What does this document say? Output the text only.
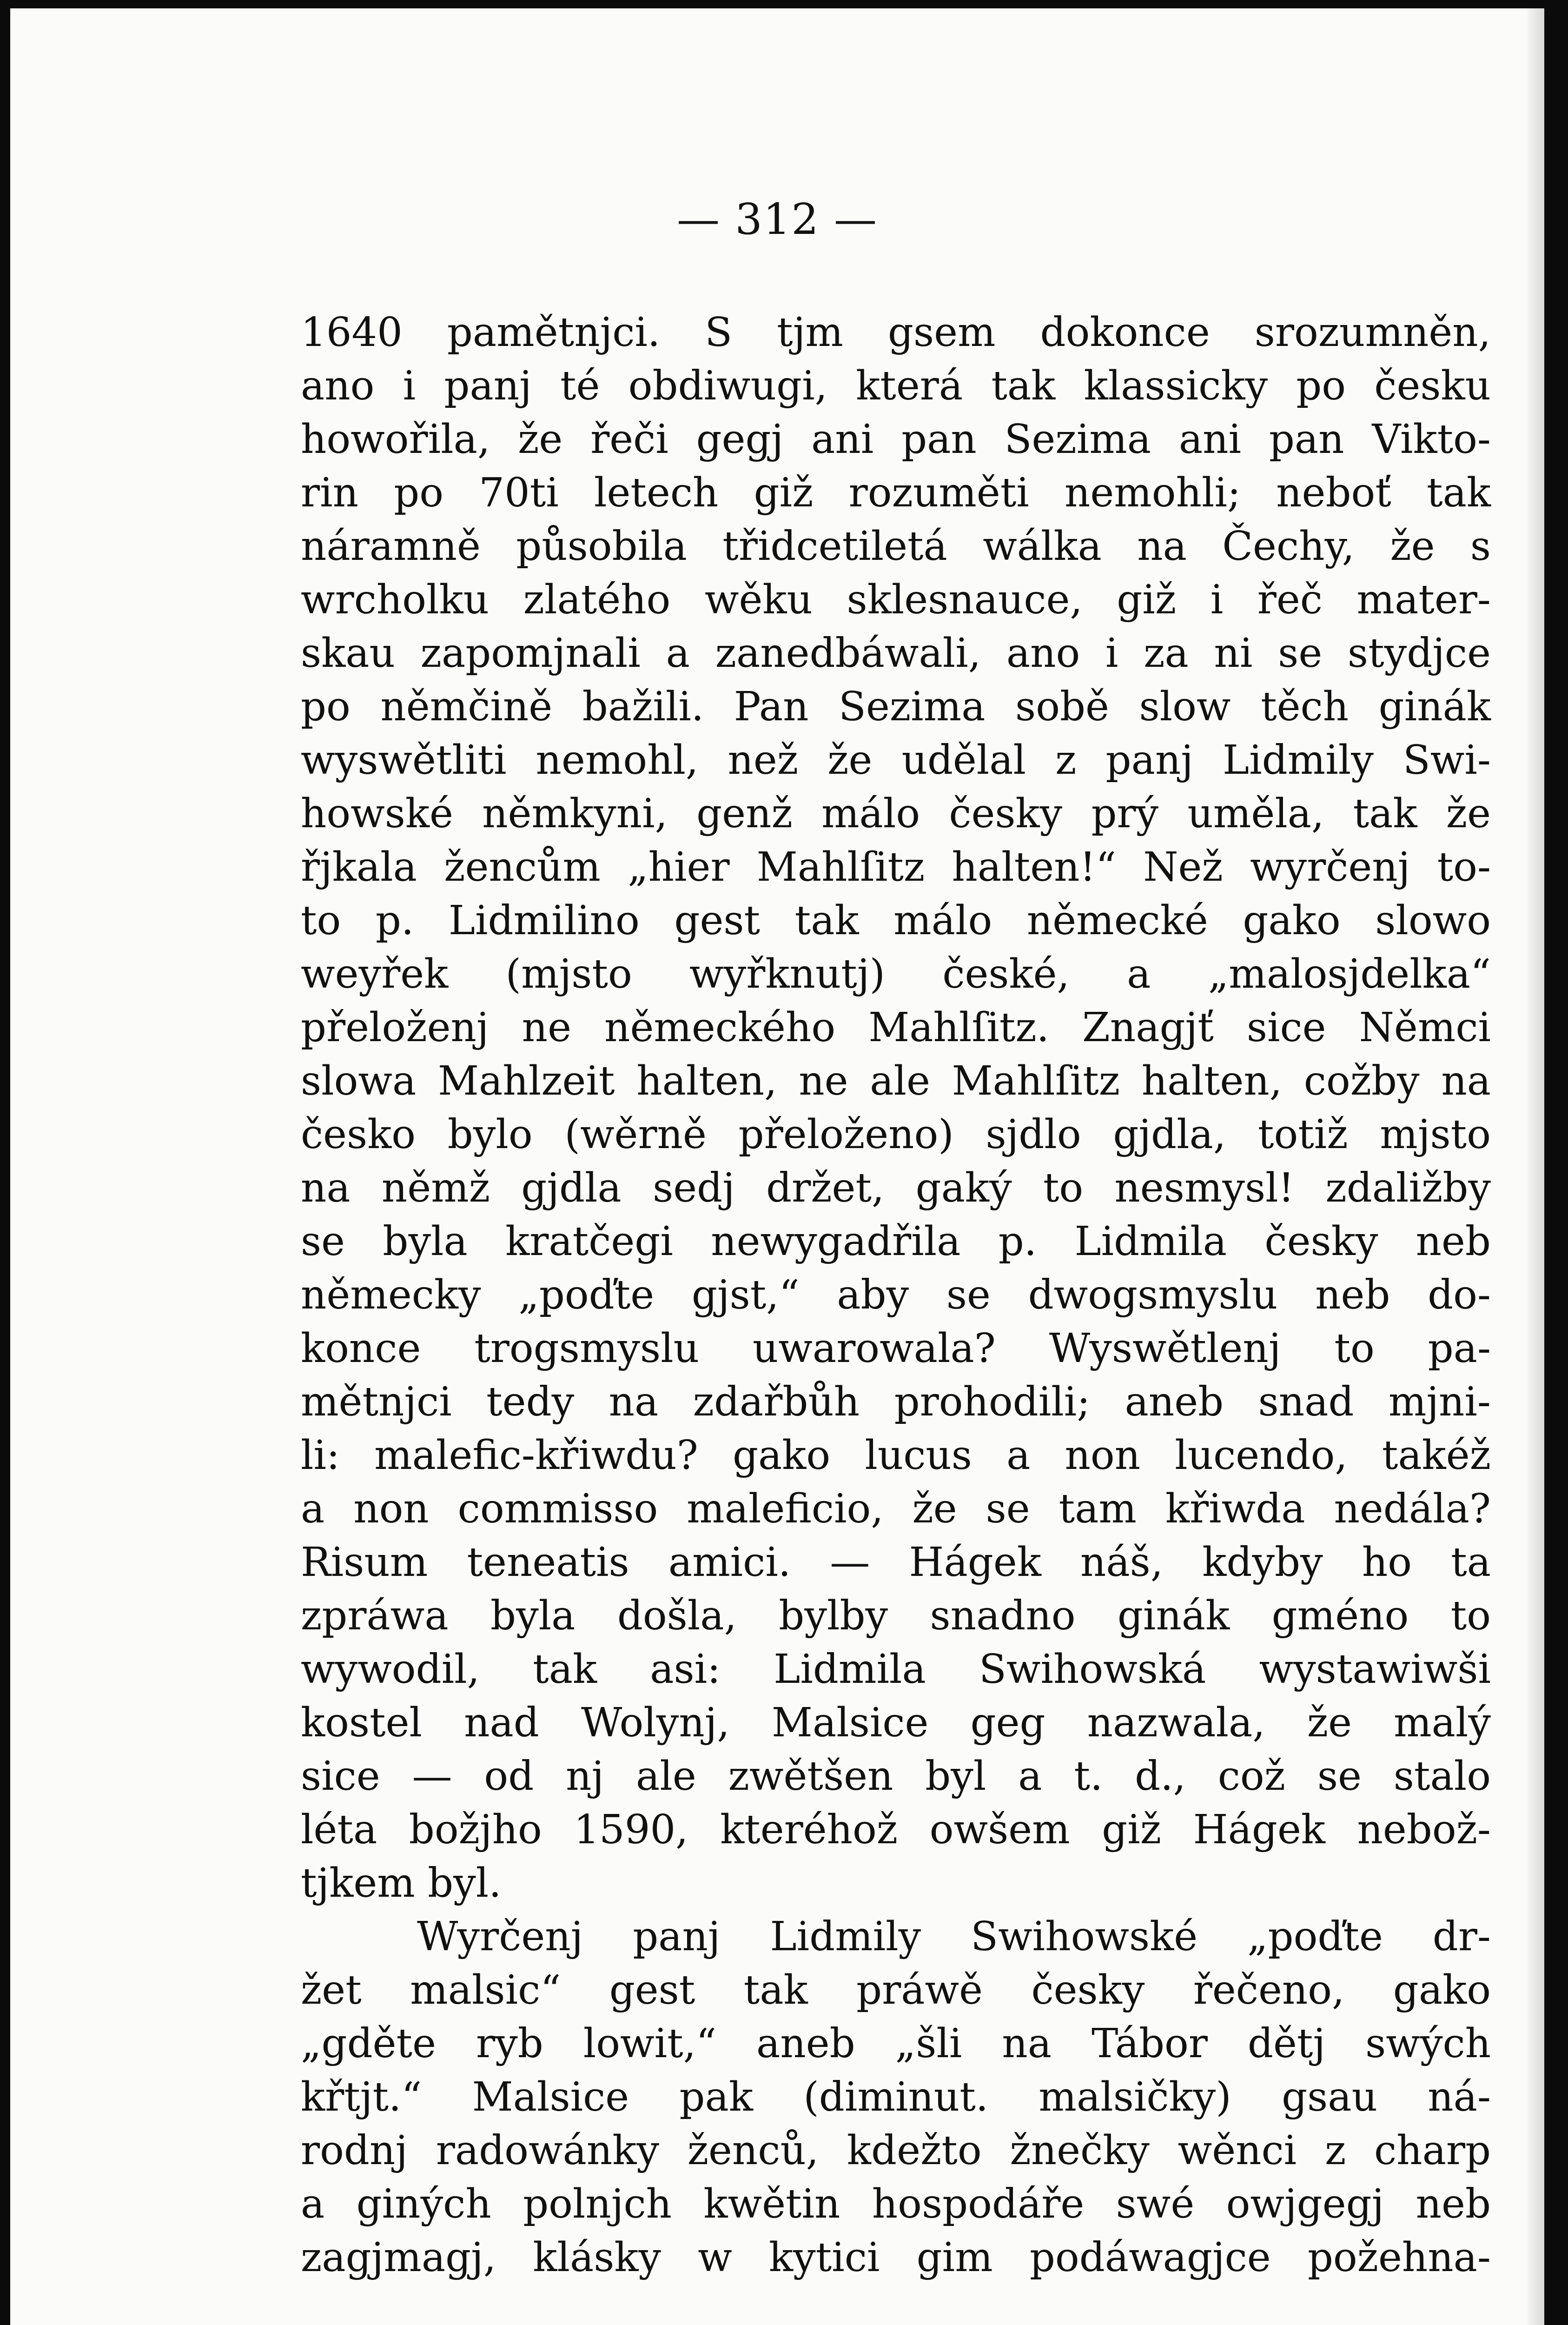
— 312 —
1640 pamětnjci. S tjm gsem dokonce srozumněn,
ano i panj té obdiwugi, která tak klassicky po česku
howořila, že řeči gegj ani pan Sezima ani pan Vikto-
rin po 70ti letech giž rozuměti nemohli; neboť tak
náramně působila třidcetiletá wálka na Čechy, že s
wrcholku zlatého wěku sklesnauce, giž i řeč mater-
skau zapomjnali a zanedbáwali, ano i za ni se stydjce
po němčině bažili. Pan Sezima sobě slow těch ginák
wyswětliti nemohl, než že udělal z panj Lidmily Swi-
howské němkyni, genž málo česky prý uměla, tak že
řjkala žencům „hier Mahlſitz halten!“ Než wyrčenj to-
to p. Lidmilino gest tak málo německé gako slowo
weyřek (mjsto wyřknutj) české, a „malosjdelka“
přeloženj ne německého Mahlſitz. Znagjť sice Němci
slowa Mahlzeit halten, ne ale Mahlſitz halten, cožby na
česko bylo (wěrně přeloženo) sjdlo gjdla, totiž mjsto
na němž gjdla sedj držet, gaký to nesmysl! zdaližby
se byla kratčegi newygadřila p. Lidmila česky neb
německy „poďte gjst,“ aby se dwogsmyslu neb do-
konce trogsmyslu uwarowala? Wyswětlenj to pa-
mětnjci tedy na zdařbůh prohodili; aneb snad mjni-
li: malefic-křiwdu? gako lucus a non lucendo, takéž
a non commisso maleficio, že se tam křiwda nedála?
Risum teneatis amici. — Hágek náš, kdyby ho ta
zpráwa byla došla, bylby snadno ginák gméno to
wywodil, tak asi: Lidmila Swihowská wystawiwši
kostel nad Wolynj, Malsice geg nazwala, že malý
sice — od nj ale zwětšen byl a t. d., což se stalo
léta božjho 1590, kteréhož owšem giž Hágek nebož-
tjkem byl.
Wyrčenj panj Lidmily Swihowské „poďte dr-
žet malsic“ gest tak práwě česky řečeno, gako
„gděte ryb lowit,“ aneb „šli na Tábor dětj swých
křtjt.“ Malsice pak (diminut. malsičky) gsau ná-
rodnj radowánky ženců, kdežto žnečky wěnci z charp
a giných polnjch kwětin hospodáře swé owjgegj neb
zagjmagj, klásky w kytici gim podáwagjce požehna-
